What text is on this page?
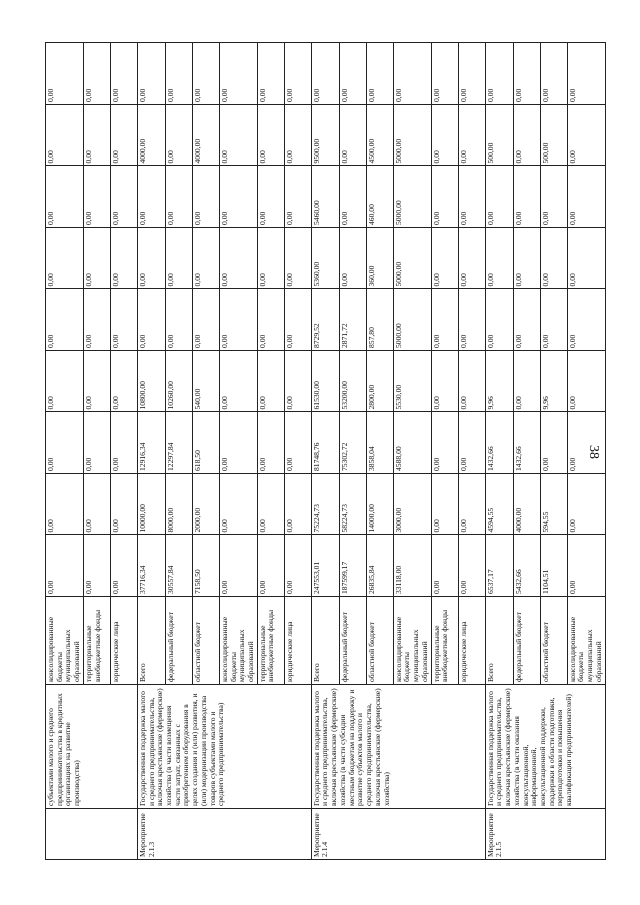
38
	субъектами малого и среднего предпринимательства в кредитных организациях на развитие производства)	консолидированные бюджеты муниципальных образований	0,00	0,00	0,00	0,00	0,00	0,00	0,00	0,00	0,00
		территориальные внебюджетные фонды	0,00	0,00	0,00	0,00	0,00	0,00	0,00	0,00	0,00
		юридические лица	0,00	0,00	0,00	0,00	0,00	0,00	0,00	0,00	0,00
Мероприятие 2.1.3	Государственная поддержка малого и среднего предпринимательства, включая крестьянские (фермерские) хозяйства (в части возмещения части затрат, связанных с приобретением оборудования в целях создания и (или) развития, и (или) модернизации производства товаров субъектами малого и среднего предпринимательства)	Всего	37716,34	10000,00	12916,34	10800,00	0,00	0,00	0,00	4000,00	0,00
		федеральный бюджет	30557,84	8000,00	12297,84	10260,00	0,00	0,00	0,00	0,00	0,00
		областной бюджет	7158,50	2000,00	618,50	540,00	0,00	0,00	0,00	4000,00	0,00
		консолидированные бюджеты муниципальных образований	0,00	0,00	0,00	0,00	0,00	0,00	0,00	0,00	0,00
		территориальные внебюджетные фонды	0,00	0,00	0,00	0,00	0,00	0,00	0,00	0,00	0,00
		юридические лица	0,00	0,00	0,00	0,00	0,00	0,00	0,00	0,00	0,00
Мероприятие 2.1.4	Государственная поддержка малого и среднего предпринимательства, включая крестьянские (фермерские) хозяйства (в части субсидии местным бюджетам на поддержку и развитие субъектов малого и среднего предпринимательства, включая крестьянские (фермерские) хозяйства)	Всего	247553,01	75224,73	81748,76	61530,00	8729,52	5360,00	5460,00	9500,00	0,00
		федеральный бюджет	187599,17	58224,73	75302,72	53200,00	2871,72	0,00	0,00	0,00	0,00
		областной бюджет	26835,84	14000,00	3858,04	2800,00	857,80	360,00	460,00	4500,00	0,00
		консолидированные бюджеты муниципальных образований	33118,00	3000,00	4588,00	5530,00	5000,00	5000,00	5000,00	5000,00	0,00
		территориальные внебюджетные фонды	0,00	0,00	0,00	0,00	0,00	0,00	0,00	0,00	0,00
		юридические лица	0,00	0,00	0,00	0,00	0,00	0,00	0,00	0,00	0,00
Мероприятие 2.1.5	Государственная поддержка малого и среднего предпринимательства, включая крестьянские (фермерские) хозяйства (в части оказания консультационной, информационной, консультационной поддержки, поддержки в области подготовки, переподготовки и повышения квалификации предпринимателей)	Всего	6537,17	4594,55	1432,66	9,96	0,00	0,00	0,00	500,00	0,00
		федеральный бюджет	5432,66	4000,00	1432,66	0,00	0,00	0,00	0,00	0,00	0,00
		областной бюджет	1104,51	594,55	0,00	9,96	0,00	0,00	0,00	500,00	0,00
		консолидированные бюджеты муниципальных образований	0,00	0,00	0,00	0,00	0,00	0,00	0,00	0,00	0,00
